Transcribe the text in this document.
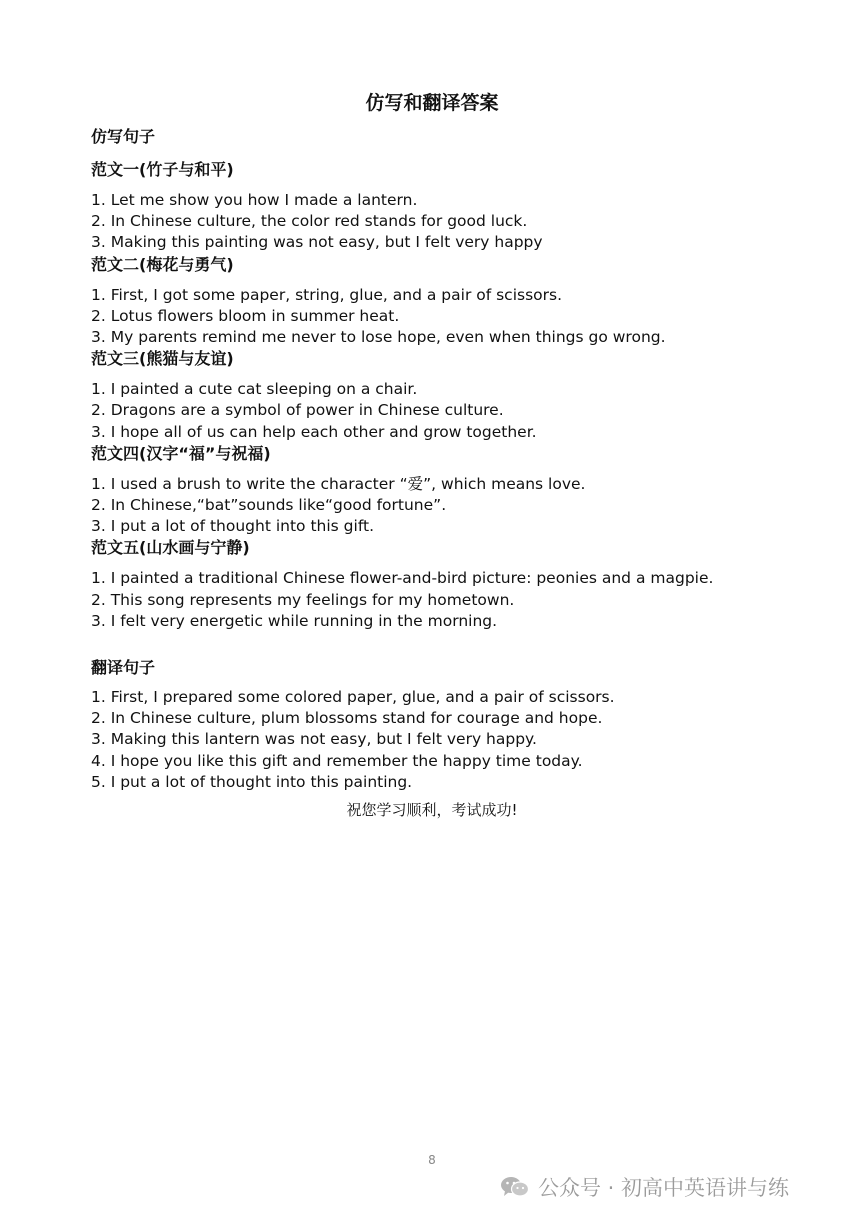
仿写和翻译答案
仿写句子
范文一(竹子与和平)
1. Let me show you how I made a lantern.
2. In Chinese culture, the color red stands for good luck.
3. Making this painting was not easy, but I felt very happy
范文二(梅花与勇气)
1. First, I got some paper, string, glue, and a pair of scissors.
2. Lotus flowers bloom in summer heat.
3. My parents remind me never to lose hope, even when things go wrong.
范文三(熊猫与友谊)
1. I painted a cute cat sleeping on a chair.
2. Dragons are a symbol of power in Chinese culture.
3. I hope all of us can help each other and grow together.
范文四(汉字“福”与祝福)
1. I used a brush to write the character “爱”, which means love.
2. In Chinese,“bat”sounds like“good fortune”.
3. I put a lot of thought into this gift.
范文五(山水画与宁静)
1. I painted a traditional Chinese flower-and-bird picture: peonies and a magpie.
2. This song represents my feelings for my hometown.
3. I felt very energetic while running in the morning.
翻译句子
1. First, I prepared some colored paper, glue, and a pair of scissors.
2. In Chinese culture, plum blossoms stand for courage and hope.
3. Making this lantern was not easy, but I felt very happy.
4. I hope you like this gift and remember the happy time today.
5. I put a lot of thought into this painting.
祝您学习顺利，考试成功!
8
公众号 · 初高中英语讲与练
